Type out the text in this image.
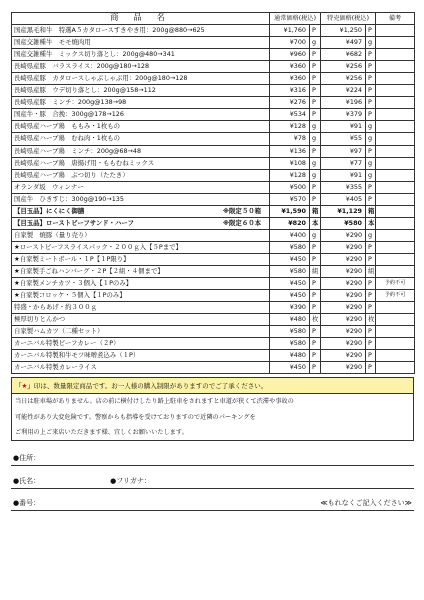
商 品 名	通常価格(税込)		特売価格(税込)		備考
国産黒毛和牛　特選A５カタロースすきやき用：200g@880→625	¥1,760	P	¥1,250	P	
国産交雑種牛　モモ焼肉用	¥700	g	¥497	g	
国産交雑種牛　ミックス切り落とし：200g@480→341	¥960	P	¥682	P	
長崎県産豚　バラスライス：200g@180→128	¥360	P	¥256	P	
長崎県産豚　カタロースしゃぶしゃぶ用：200g@180→128	¥360	P	¥256	P	
長崎県産豚　ウデ切り落とし：200g@158→112	¥316	P	¥224	P	
長崎県産豚　ミンチ：200g@138→98	¥276	P	¥196	P	
国産牛・豚　合挽：300g@178→126	¥534	P	¥379	P	
長崎県産ハーブ鶏　ももみ・1枚もの	¥128	g	¥91	g	
長崎県産ハーブ鶏　むね肉・1枚もの	¥78	g	¥55	g	
長崎県産ハーブ鶏　ミンチ：200g@68→48	¥136	P	¥97	P	
長崎県産ハーブ鶏　唐揚げ用・ももむねミックス	¥108	g	¥77	g	
長崎県産ハーブ鶏　ぶつ切り（たたき）	¥128	g	¥91	g	
オランダ坂　ウィンナー	¥500	P	¥355	P	
国産牛　ひきすじ：300g@190→135	¥570	P	¥405	P	
【目玉品】にくにく御膳 ※限定５０箱	¥1,590	箱	¥1,129	箱	
【目玉品】ローストビーフサンド・ハーフ ※限定６０本	¥820	本	¥580	本	
自家製　焼豚（量り売り）	¥400	g	¥290	g	
★ローストビーフスライスパック・２００ｇ入【５Pまで】	¥580	P	¥290	P	
★自家製ミートボール・１P【１P限り】	¥450	P	¥290	P	
★自家製手ごねハンバーグ・２P【２組・４個まで】	¥580	組	¥290	組	
★自家製メンチカツ・３個入【１Pのみ】	¥450	P	¥290	P	予約不可
★自家製コロッケ・５個入【１Pのみ】	¥450	P	¥290	P	予約不可
特盛・からあげ・約３００ｇ	¥390	P	¥290	P	
極厚切りとんかつ	¥480	枚	¥290	枚	
自家製ハムカツ（二種セット）	¥580	P	¥290	P	
カーニバル特製ビーフカレー（２P）	¥580	P	¥290	P	
カーニバル特製和牛モツ味噌煮込み（１P）	¥480	P	¥290	P	
カーニバル特製カレーライス	¥450	P	¥290	P	
「★」印は、数量限定商品です。お一人様の購入制限がありますのでご了承ください。

当日は駐車場がありません。店の前に横付けしたり路上駐車をされますと車道が狭くて渋滞や事故の
可能性があり大変危険です。警察からも指導を受けておりますので近隣のパーキングを
ご利用の上ご来店いただきます様、宜しくお願いいたします。
●住所：
●氏名：	●フリガナ：
●番号：	≪もれなくご記入ください≫
